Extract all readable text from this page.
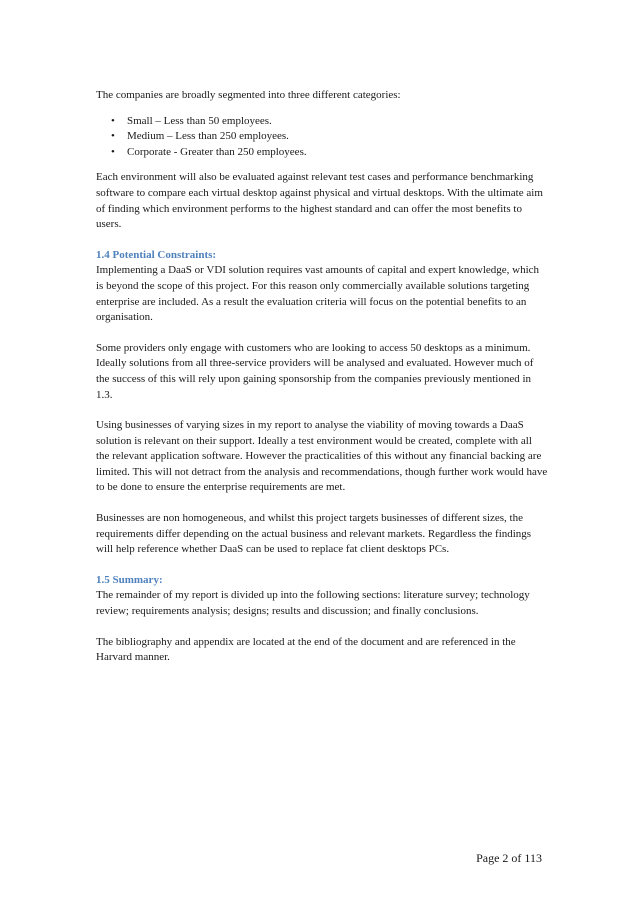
The companies are broadly segmented into three different categories:

• Small – Less than 50 employees.
• Medium – Less than 250 employees.
• Corporate - Greater than 250 employees.

Each environment will also be evaluated against relevant test cases and performance benchmarking software to compare each virtual desktop against physical and virtual desktops. With the ultimate aim of finding which environment performs to the highest standard and can offer the most benefits to users.

1.4 Potential Constraints:

Implementing a DaaS or VDI solution requires vast amounts of capital and expert knowledge, which is beyond the scope of this project. For this reason only commercially available solutions targeting enterprise are included. As a result the evaluation criteria will focus on the potential benefits to an organisation.

Some providers only engage with customers who are looking to access 50 desktops as a minimum. Ideally solutions from all three-service providers will be analysed and evaluated. However much of the success of this will rely upon gaining sponsorship from the companies previously mentioned in 1.3.

Using businesses of varying sizes in my report to analyse the viability of moving towards a DaaS solution is relevant on their support. Ideally a test environment would be created, complete with all the relevant application software. However the practicalities of this without any financial backing are limited. This will not detract from the analysis and recommendations, though further work would have to be done to ensure the enterprise requirements are met.

Businesses are non homogeneous, and whilst this project targets businesses of different sizes, the requirements differ depending on the actual business and relevant markets. Regardless the findings will help reference whether DaaS can be used to replace fat client desktops PCs.

1.5 Summary:

The remainder of my report is divided up into the following sections: literature survey; technology review; requirements analysis; designs; results and discussion; and finally conclusions.

The bibliography and appendix are located at the end of the document and are referenced in the Harvard manner.

Page 2 of 113
